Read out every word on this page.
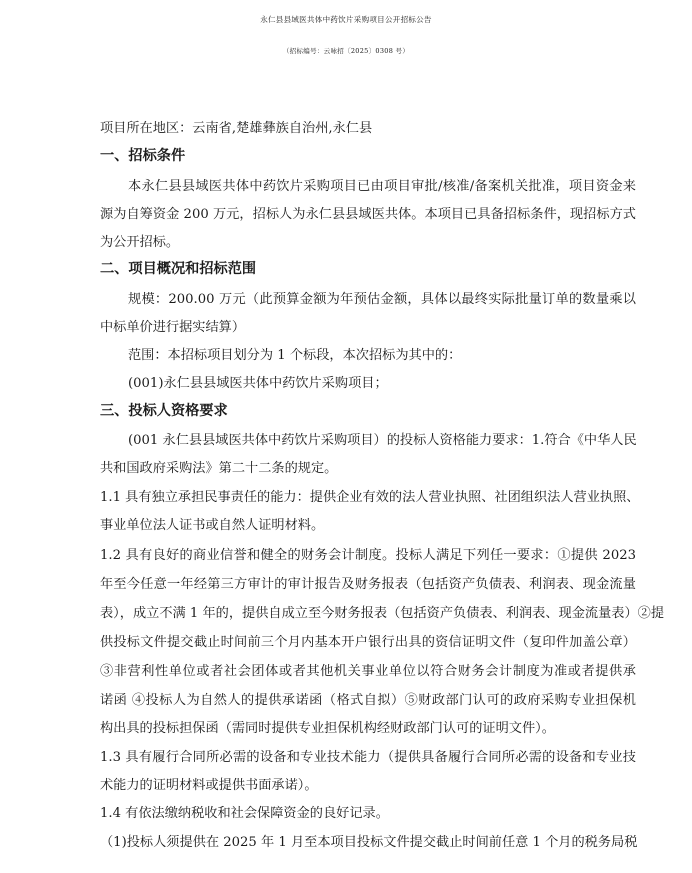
永仁县县域医共体中药饮片采购项目公开招标公告
（招标编号：云咏招〔2025〕0308 号）
项目所在地区：云南省,楚雄彝族自治州,永仁县
一、招标条件
本永仁县县域医共体中药饮片采购项目已由项目审批/核准/备案机关批准，项目资金来
源为自筹资金 200 万元，招标人为永仁县县域医共体。本项目已具备招标条件，现招标方式
为公开招标。
二、项目概况和招标范围
规模：200.00 万元（此预算金额为年预估金额，具体以最终实际批量订单的数量乘以
中标单价进行据实结算）
范围：本招标项目划分为 1 个标段，本次招标为其中的：
(001)永仁县县域医共体中药饮片采购项目；
三、投标人资格要求
(001 永仁县县域医共体中药饮片采购项目）的投标人资格能力要求：1.符合《中华人民
共和国政府采购法》第二十二条的规定。
1.1 具有独立承担民事责任的能力：提供企业有效的法人营业执照、社团组织法人营业执照、
事业单位法人证书或自然人证明材料。
1.2 具有良好的商业信誉和健全的财务会计制度。投标人满足下列任一要求：①提供 2023
年至今任意一年经第三方审计的审计报告及财务报表（包括资产负债表、利润表、现金流量
表），成立不满 1 年的，提供自成立至今财务报表（包括资产负债表、利润表、现金流量表）②提
供投标文件提交截止时间前三个月内基本开户银行出具的资信证明文件（复印件加盖公章）
③非营利性单位或者社会团体或者其他机关事业单位以符合财务会计制度为准或者提供承
诺函 ④投标人为自然人的提供承诺函（格式自拟）⑤财政部门认可的政府采购专业担保机
构出具的投标担保函（需同时提供专业担保机构经财政部门认可的证明文件）。
1.3 具有履行合同所必需的设备和专业技术能力（提供具备履行合同所必需的设备和专业技
术能力的证明材料或提供书面承诺）。
1.4 有依法缴纳税收和社会保障资金的良好记录。
（1)投标人须提供在 2025 年 1 月至本项目投标文件提交截止时间前任意 1 个月的税务局税
